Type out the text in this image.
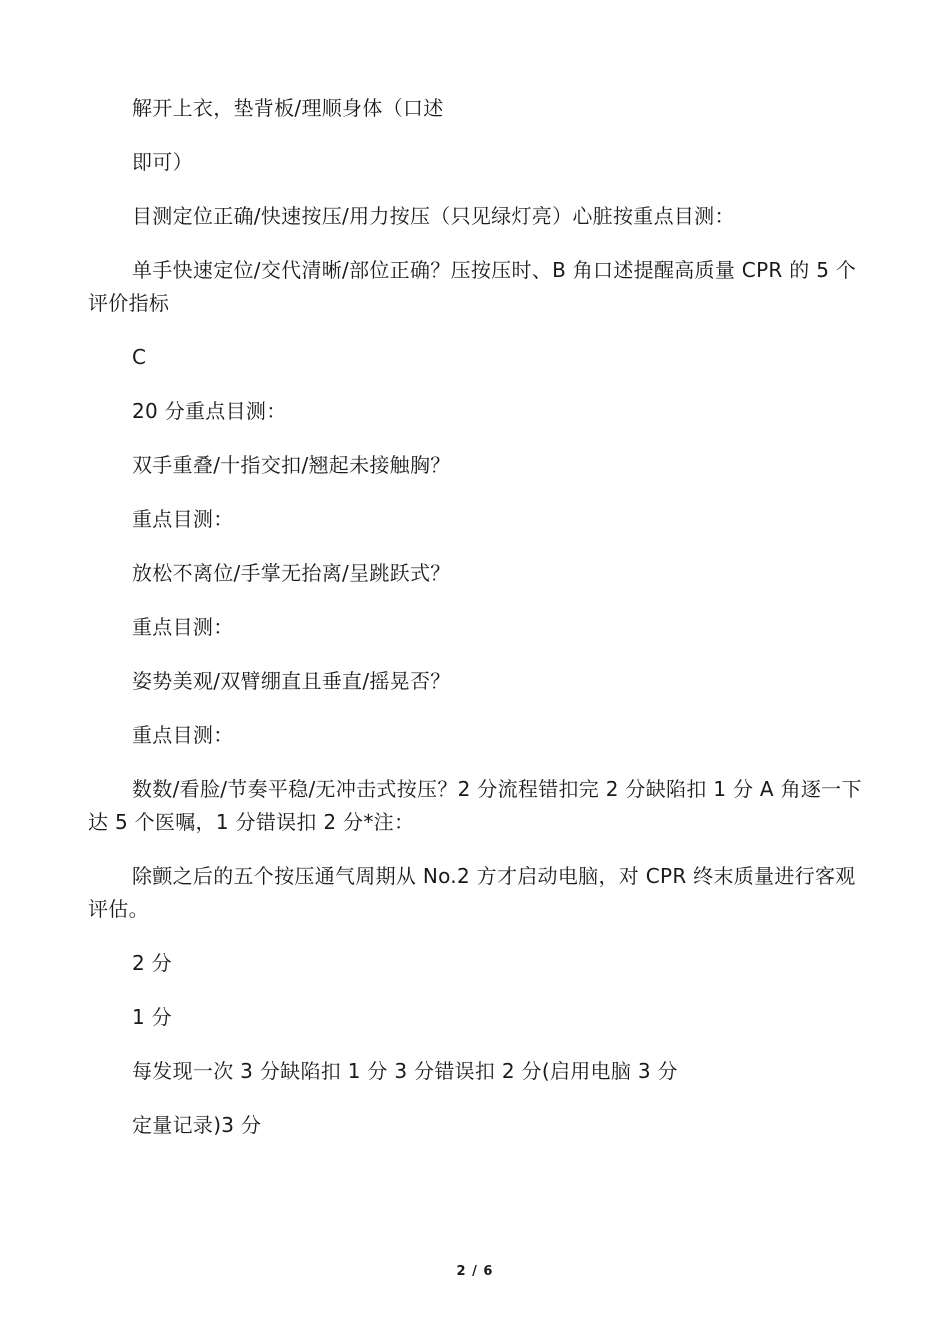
解开上衣，垫背板/理顺身体（口述

即可）

目测定位正确/快速按压/用力按压（只见绿灯亮）心脏按重点目测：

单手快速定位/交代清晰/部位正确？压按压时、B 角口述提醒高质量 CPR 的 5 个评价指标

C

20 分重点目测：

双手重叠/十指交扣/翘起未接触胸？

重点目测：

放松不离位/手掌无抬离/呈跳跃式？

重点目测：

姿势美观/双臂绷直且垂直/摇晃否？

重点目测：

数数/看脸/节奏平稳/无冲击式按压？2 分流程错扣完 2 分缺陷扣 1 分 A 角逐一下达 5 个医嘱，1 分错误扣 2 分*注：

除颤之后的五个按压通气周期从 No.2 方才启动电脑，对 CPR 终末质量进行客观评估。

2 分

1 分

每发现一次 3 分缺陷扣 1 分 3 分错误扣 2 分(启用电脑 3 分

定量记录)3 分

2 / 6
